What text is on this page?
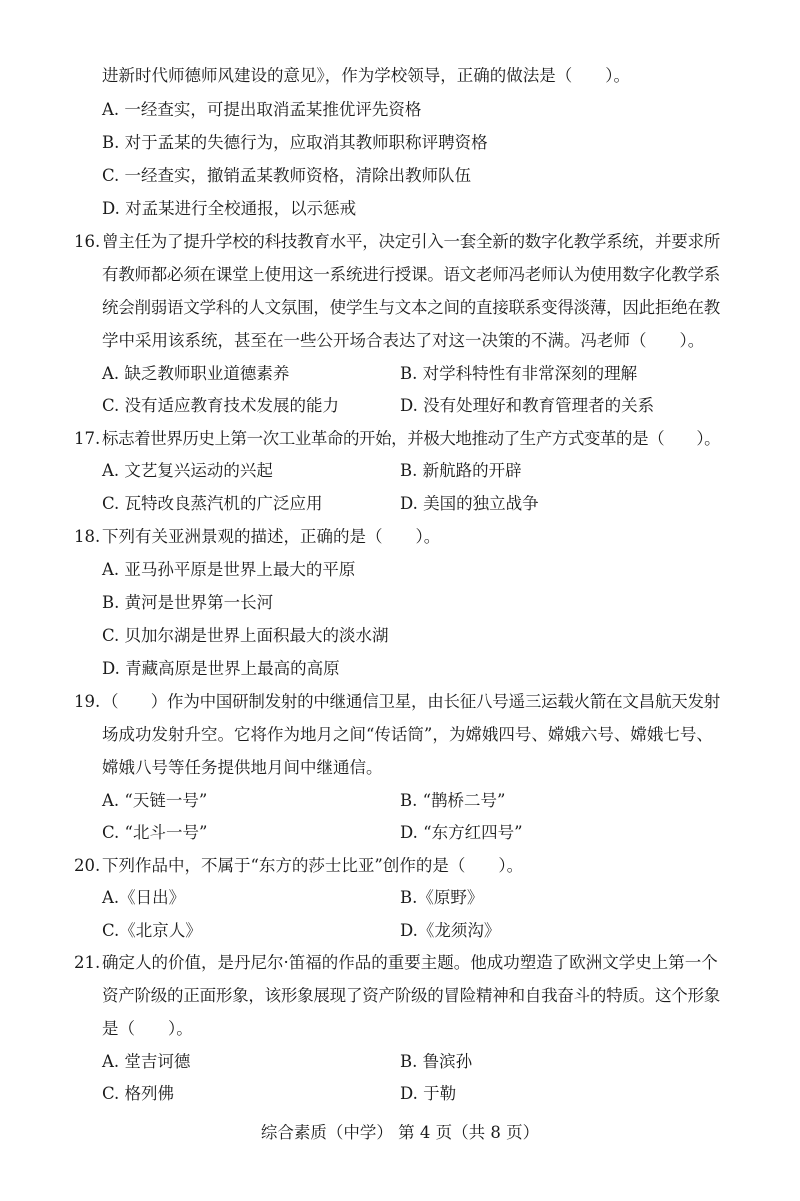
进新时代师德师风建设的意见》，作为学校领导，正确的做法是（　　）。
A. 一经查实，可提出取消孟某推优评先资格
B. 对于孟某的失德行为，应取消其教师职称评聘资格
C. 一经查实，撤销孟某教师资格，清除出教师队伍
D. 对孟某进行全校通报，以示惩戒
16. 曾主任为了提升学校的科技教育水平，决定引入一套全新的数字化教学系统，并要求所
有教师都必须在课堂上使用这一系统进行授课。语文老师冯老师认为使用数字化教学系
统会削弱语文学科的人文氛围，使学生与文本之间的直接联系变得淡薄，因此拒绝在教
学中采用该系统，甚至在一些公开场合表达了对这一决策的不满。冯老师（　　）。
A. 缺乏教师职业道德素养	B. 对学科特性有非常深刻的理解
C. 没有适应教育技术发展的能力	D. 没有处理好和教育管理者的关系
17. 标志着世界历史上第一次工业革命的开始，并极大地推动了生产方式变革的是（　　）。
A. 文艺复兴运动的兴起	B. 新航路的开辟
C. 瓦特改良蒸汽机的广泛应用	D. 美国的独立战争
18. 下列有关亚洲景观的描述，正确的是（　　）。
A. 亚马孙平原是世界上最大的平原
B. 黄河是世界第一长河
C. 贝加尔湖是世界上面积最大的淡水湖
D. 青藏高原是世界上最高的高原
19. （　　）作为中国研制发射的中继通信卫星，由长征八号遥三运载火箭在文昌航天发射
场成功发射升空。它将作为地月之间“传话筒”，为嫦娥四号、嫦娥六号、嫦娥七号、
嫦娥八号等任务提供地月间中继通信。
A. “天链一号”	B. “鹊桥二号”
C. “北斗一号”	D. “东方红四号”
20. 下列作品中，不属于“东方的莎士比亚”创作的是（　　）。
A.《日出》	B.《原野》
C.《北京人》	D.《龙须沟》
21. 确定人的价值，是丹尼尔·笛福的作品的重要主题。他成功塑造了欧洲文学史上第一个
资产阶级的正面形象，该形象展现了资产阶级的冒险精神和自我奋斗的特质。这个形象
是（　　）。
A. 堂吉诃德	B. 鲁滨孙
C. 格列佛	D. 于勒
综合素质（中学） 第 4 页（共 8 页）
